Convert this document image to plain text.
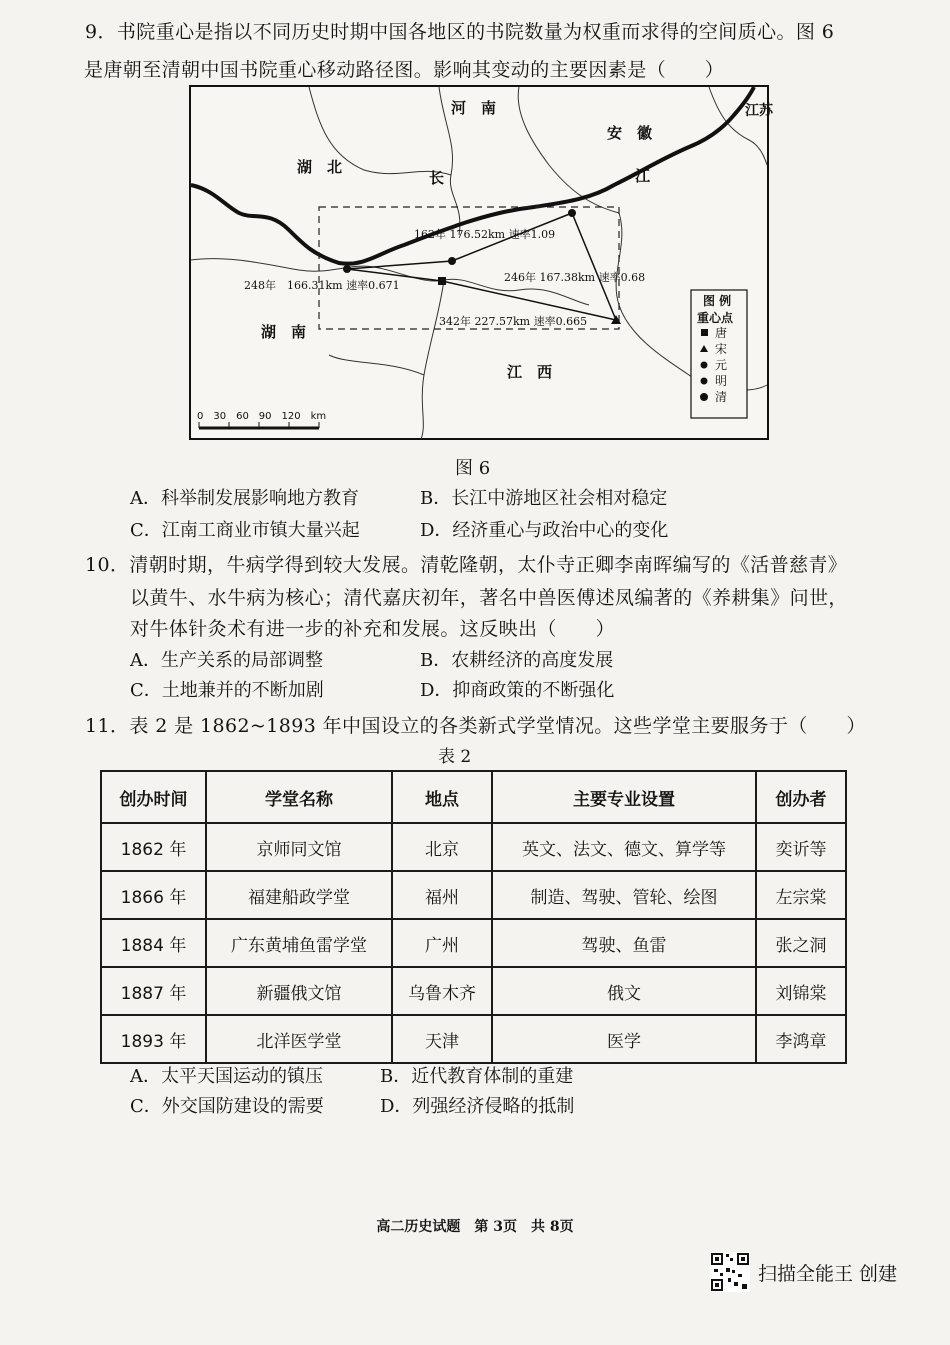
9．书院重心是指以不同历史时期中国各地区的书院数量为权重而求得的空间质心。图 6
是唐朝至清朝中国书院重心移动路径图。影响其变动的主要因素是（　　）
河　南
安　徽
江苏
湖　北
湖　南
江　西
长	江
162年 176.52km 速率1.09
248年　166.31km 速率0.671
246年 167.38km 速率0.68
342年 227.57km 速率0.665
0　30　60　90　120　km
图 例
重心点
唐
宋
元
明
清
图 6
A．科举制发展影响地方教育	B．长江中游地区社会相对稳定
C．江南工商业市镇大量兴起	D．经济重心与政治中心的变化
10．清朝时期，牛病学得到较大发展。清乾隆朝，太仆寺正卿李南晖编写的《活普慈青》
以黄牛、水牛病为核心；清代嘉庆初年，著名中兽医傅述凤编著的《养耕集》问世，
对牛体针灸术有进一步的补充和发展。这反映出（　　）
A．生产关系的局部调整	B．农耕经济的高度发展
C．土地兼并的不断加剧	D．抑商政策的不断强化
11．表 2 是 1862~1893 年中国设立的各类新式学堂情况。这些学堂主要服务于（　　）
表 2
创办时间	学堂名称	地点	主要专业设置	创办者
1862 年	京师同文馆	北京	英文、法文、德文、算学等	奕䜣等
1866 年	福建船政学堂	福州	制造、驾驶、管轮、绘图	左宗棠
1884 年	广东黄埔鱼雷学堂	广州	驾驶、鱼雷	张之洞
1887 年	新疆俄文馆	乌鲁木齐	俄文	刘锦棠
1893 年	北洋医学堂	天津	医学	李鸿章
A．太平天国运动的镇压	B．近代教育体制的重建
C．外交国防建设的需要	D．列强经济侵略的抵制
高二历史试题　第 3页　共 8页
扫描全能王 创建
